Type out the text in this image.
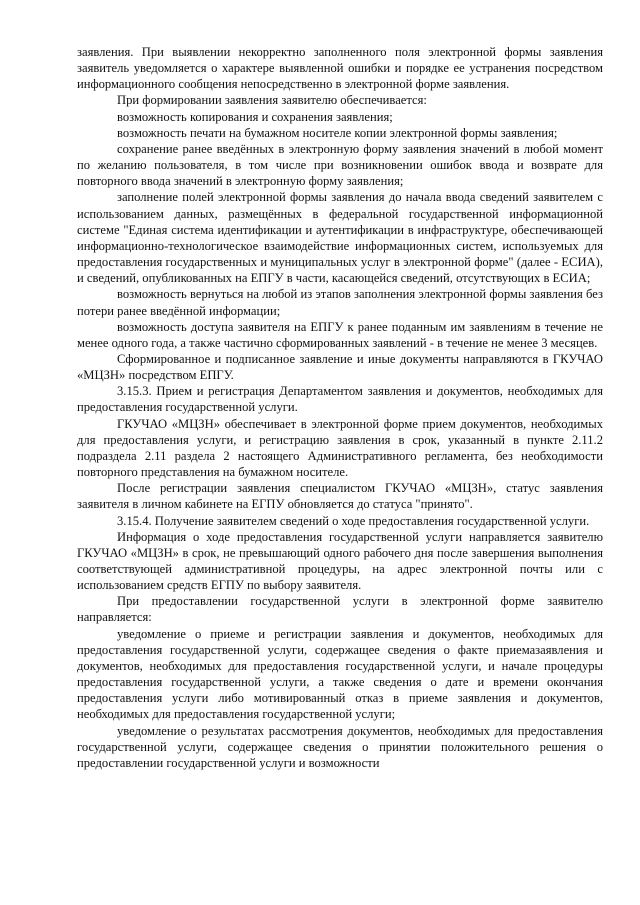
заявления. При выявлении некорректно заполненного поля электронной формы заявления заявитель уведомляется о характере выявленной ошибки и порядке ее устранения посредством информационного сообщения непосредственно в электронной форме заявления.

При формировании заявления заявителю обеспечивается:

возможность копирования и сохранения заявления;

возможность печати на бумажном носителе копии электронной формы заявления;

сохранение ранее введённых в электронную форму заявления значений в любой момент по желанию пользователя, в том числе при возникновении ошибок ввода и возврате для повторного ввода значений в электронную форму заявления;

заполнение полей электронной формы заявления до начала ввода сведений заявителем с использованием данных, размещённых в федеральной государственной информационной системе "Единая система идентификации и аутентификации в инфраструктуре, обеспечивающей информационно-технологическое взаимодействие информационных систем, используемых для предоставления государственных и муниципальных услуг в электронной форме" (далее - ЕСИА), и сведений, опубликованных на ЕПГУ в части, касающейся сведений, отсутствующих в ЕСИА;

возможность вернуться на любой из этапов заполнения электронной формы заявления без потери ранее введённой информации;

возможность доступа заявителя на ЕПГУ к ранее поданным им заявлениям в течение не менее одного года, а также частично сформированных заявлений - в течение не менее 3 месяцев.

Сформированное и подписанное заявление и иные документы направляются в ГКУЧАО «МЦЗН» посредством ЕПГУ.

3.15.3. Прием и регистрация Департаментом заявления и документов, необходимых для предоставления государственной услуги.

ГКУЧАО «МЦЗН» обеспечивает в электронной форме прием документов, необходимых для предоставления услуги, и регистрацию заявления в срок, указанный в пункте 2.11.2 подраздела 2.11 раздела 2 настоящего Административного регламента, без необходимости повторного представления на бумажном носителе.

После регистрации заявления специалистом ГКУЧАО «МЦЗН», статус заявления заявителя в личном кабинете на ЕГПУ обновляется до статуса "принято".

3.15.4. Получение заявителем сведений о ходе предоставления государственной услуги.

Информация о ходе предоставления государственной услуги направляется заявителю ГКУЧАО «МЦЗН» в срок, не превышающий одного рабочего дня после завершения выполнения соответствующей административной процедуры, на адрес электронной почты или с использованием средств ЕГПУ по выбору заявителя.

При предоставлении государственной услуги в электронной форме заявителю направляется:

уведомление о приеме и регистрации заявления и документов, необходимых для предоставления государственной услуги, содержащее сведения о факте приемазаявления и документов, необходимых для предоставления государственной услуги, и начале процедуры предоставления государственной услуги, а также сведения о дате и времени окончания предоставления услуги либо мотивированный отказ в приеме заявления и документов, необходимых для предоставления государственной услуги;

уведомление о результатах рассмотрения документов, необходимых для предоставления государственной услуги, содержащее сведения о принятии положительного решения о предоставлении государственной услуги и возможности
